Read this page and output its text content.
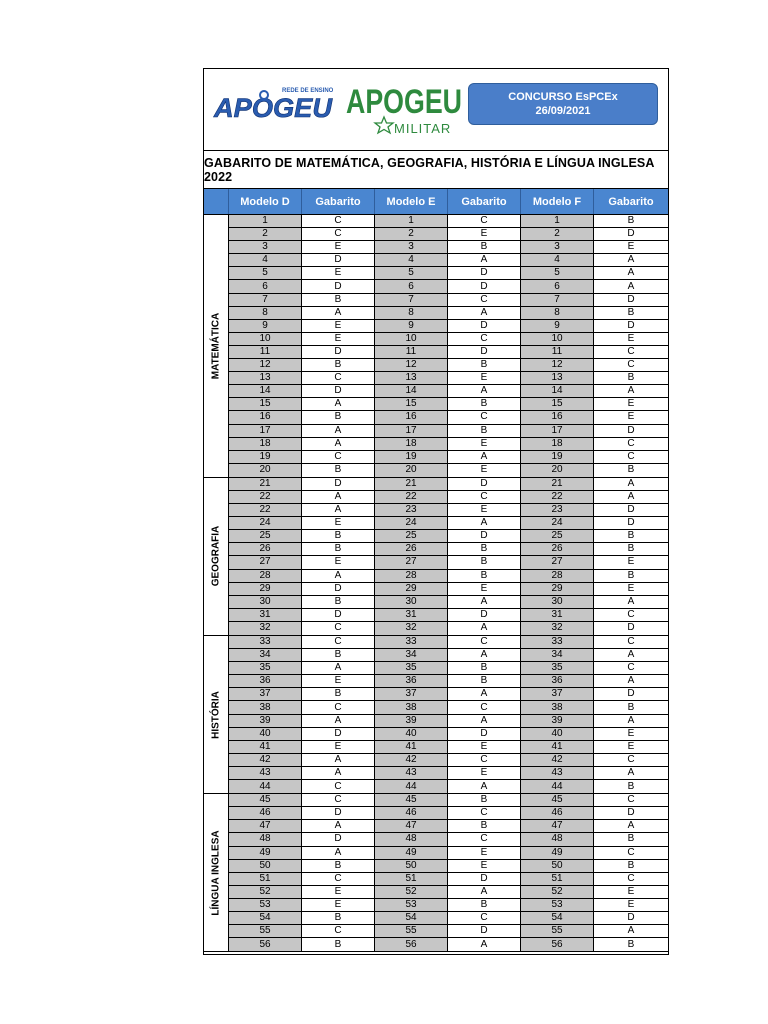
REDE DE ENSINO
APOGEU APOGEU
MILITAR
CONCURSO EsPCEx
26/09/2021
GABARITO DE MATEMÁTICA, GEOGRAFIA, HISTÓRIA E LÍNGUA INGLESA 2022
Modelo D	Gabarito	Modelo E	Gabarito	Modelo F	Gabarito
MATEMÁTICA
1	C	1	C	1	B
2	C	2	E	2	D
3	E	3	B	3	E
4	D	4	A	4	A
5	E	5	D	5	A
6	D	6	D	6	A
7	B	7	C	7	D
8	A	8	A	8	B
9	E	9	D	9	D
10	E	10	C	10	E
11	D	11	D	11	C
12	B	12	B	12	C
13	C	13	E	13	B
14	D	14	A	14	A
15	A	15	B	15	E
16	B	16	C	16	E
17	A	17	B	17	D
18	A	18	E	18	C
19	C	19	A	19	C
20	B	20	E	20	B
GEOGRAFIA
21	D	21	D	21	A
22	A	22	C	22	A
22	A	23	E	23	D
24	E	24	A	24	D
25	B	25	D	25	B
26	B	26	B	26	B
27	E	27	B	27	E
28	A	28	B	28	B
29	D	29	E	29	E
30	B	30	A	30	A
31	D	31	D	31	C
32	C	32	A	32	D
HISTÓRIA
33	C	33	C	33	C
34	B	34	A	34	A
35	A	35	B	35	C
36	E	36	B	36	A
37	B	37	A	37	D
38	C	38	C	38	B
39	A	39	A	39	A
40	D	40	D	40	E
41	E	41	E	41	E
42	A	42	C	42	C
43	A	43	E	43	A
44	C	44	A	44	B
LÍNGUA INGLESA
45	C	45	B	45	C
46	D	46	C	46	D
47	A	47	B	47	A
48	D	48	C	48	B
49	A	49	E	49	C
50	B	50	E	50	B
51	C	51	D	51	C
52	E	52	A	52	E
53	E	53	B	53	E
54	B	54	C	54	D
55	C	55	D	55	A
56	B	56	A	56	B
